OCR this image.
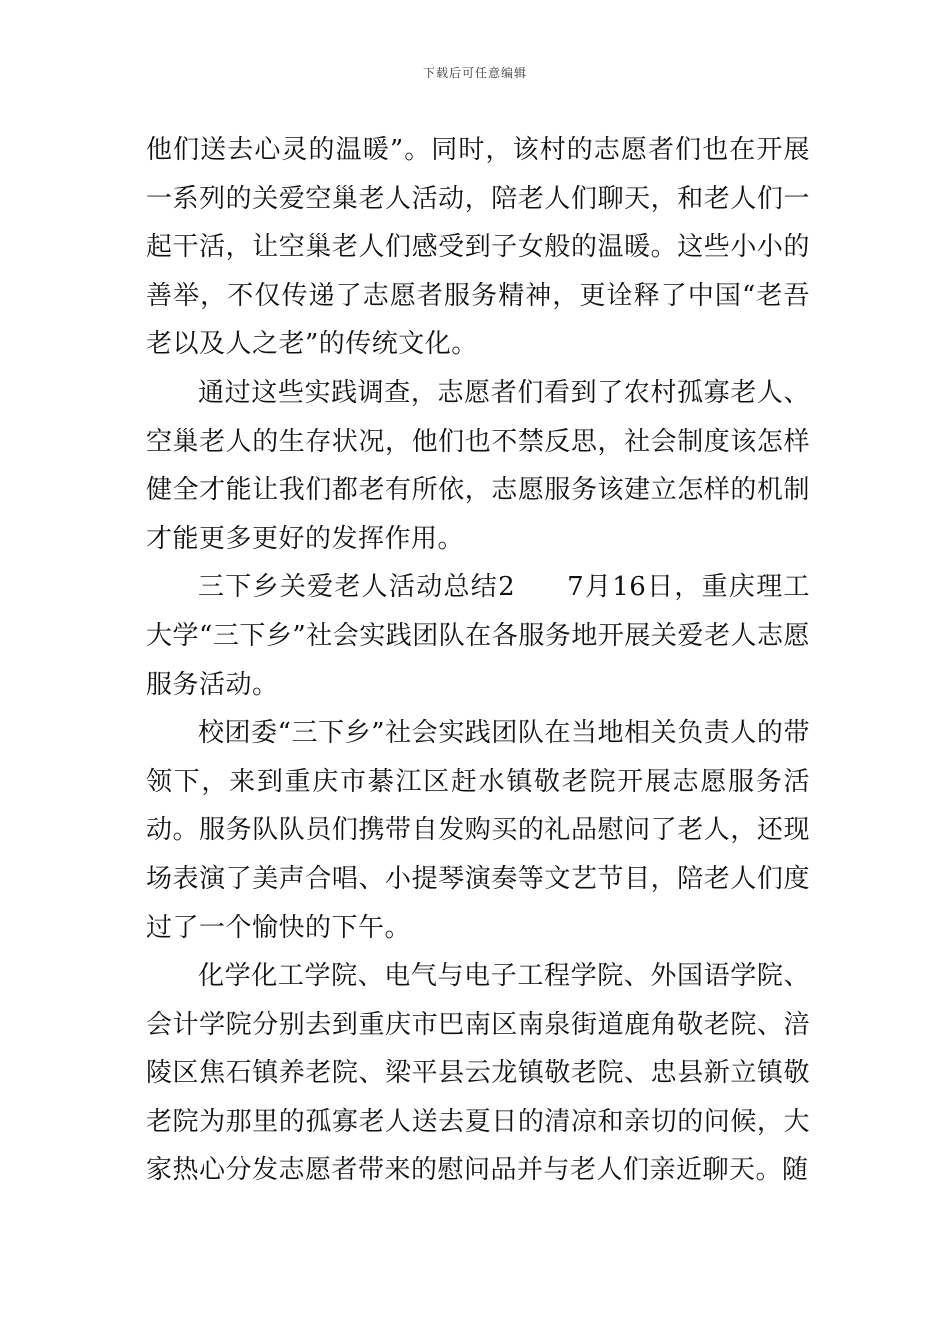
下载后可任意编辑

他们送去心灵的温暖”。同时，该村的志愿者们也在开展一系列的关爱空巢老人活动，陪老人们聊天，和老人们一起干活，让空巢老人们感受到子女般的温暖。这些小小的善举，不仅传递了志愿者服务精神，更诠释了中国“老吾老以及人之老”的传统文化。

通过这些实践调查，志愿者们看到了农村孤寡老人、空巢老人的生存状况，他们也不禁反思，社会制度该怎样健全才能让我们都老有所依，志愿服务该建立怎样的机制才能更多更好的发挥作用。

三下乡关爱老人活动总结2 7月16日，重庆理工大学“三下乡”社会实践团队在各服务地开展关爱老人志愿服务活动。

校团委“三下乡”社会实践团队在当地相关负责人的带领下，来到重庆市綦江区赶水镇敬老院开展志愿服务活动。服务队队员们携带自发购买的礼品慰问了老人，还现场表演了美声合唱、小提琴演奏等文艺节目，陪老人们度过了一个愉快的下午。

化学化工学院、电气与电子工程学院、外国语学院、会计学院分别去到重庆市巴南区南泉街道鹿角敬老院、涪陵区焦石镇养老院、梁平县云龙镇敬老院、忠县新立镇敬老院为那里的孤寡老人送去夏日的清凉和亲切的问候，大家热心分发志愿者带来的慰问品并与老人们亲近聊天。随
